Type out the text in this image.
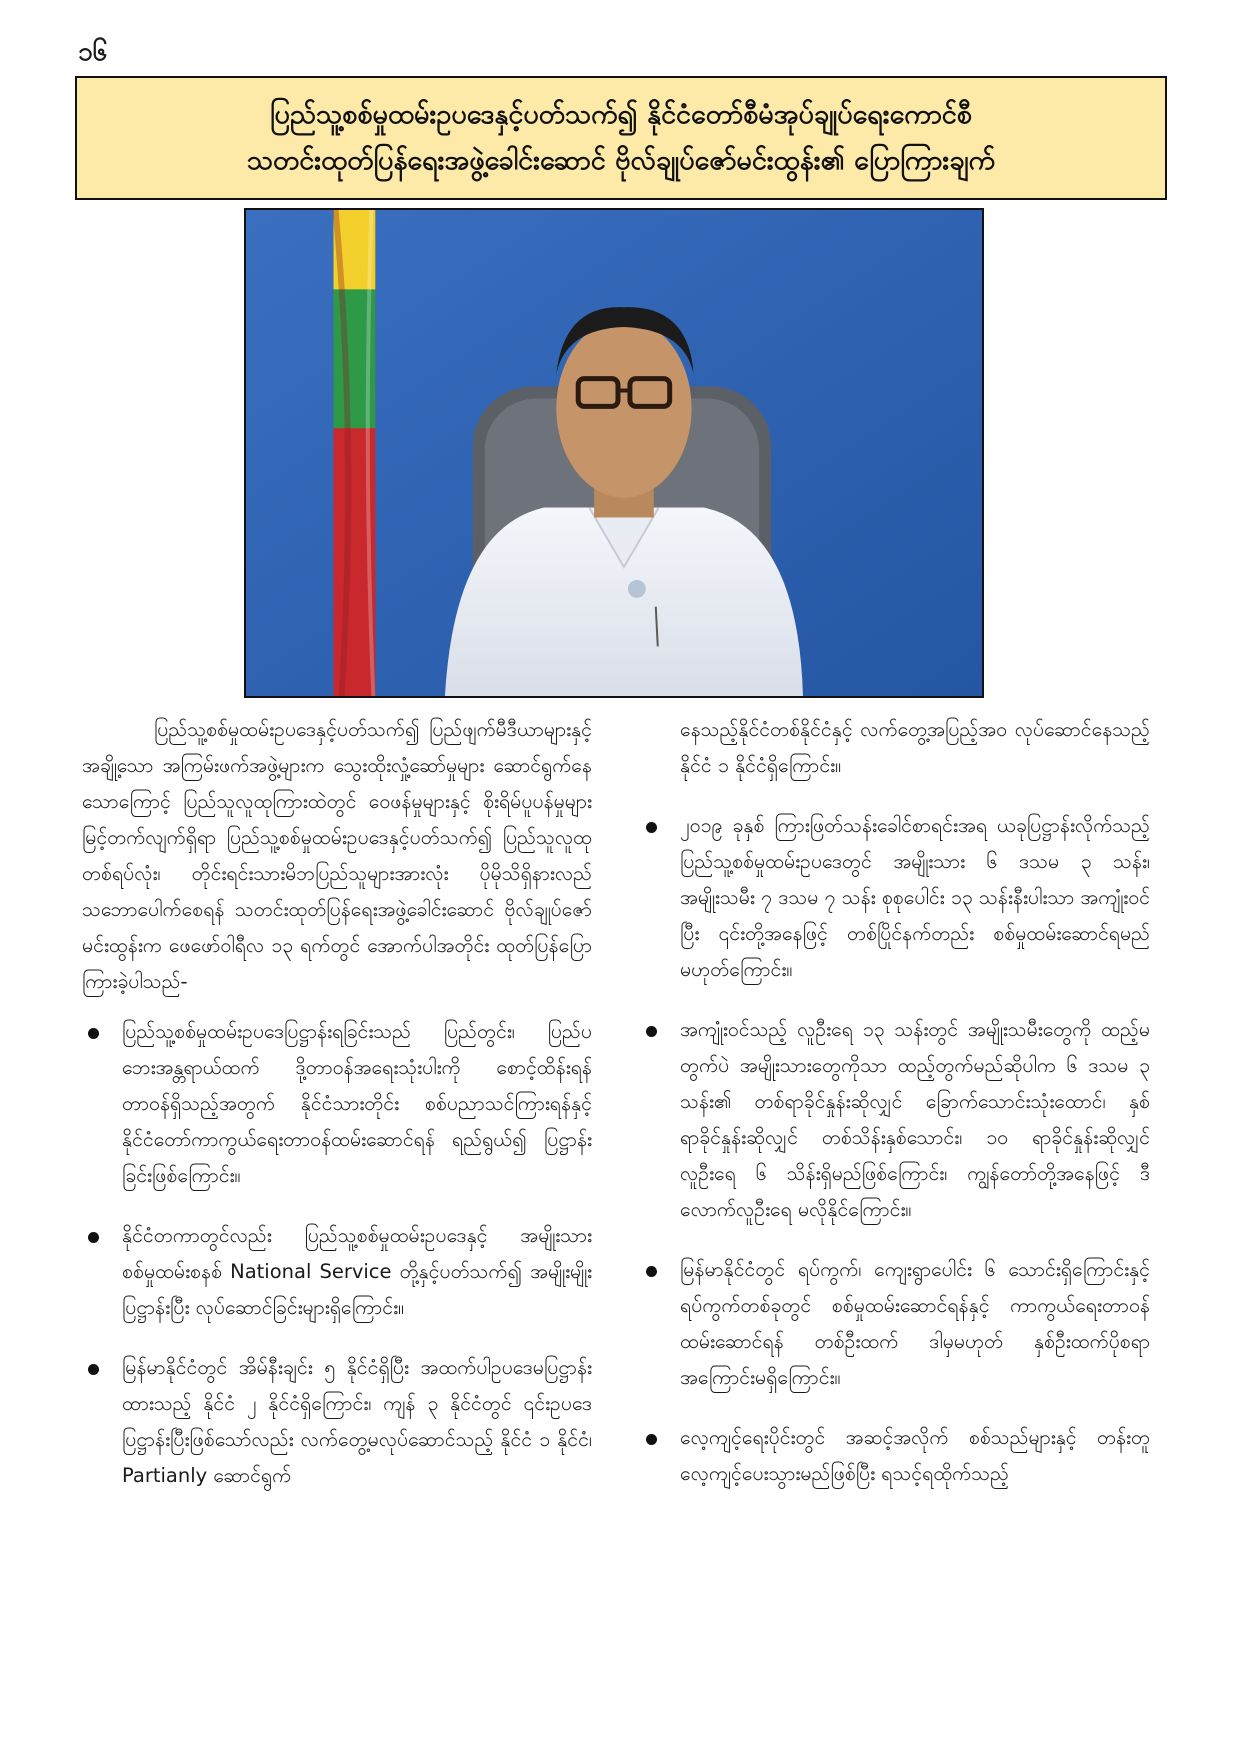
၁၆
ပြည်သူ့စစ်မှုထမ်းဥပဒေနှင့်ပတ်သက်၍ နိုင်ငံတော်စီမံအုပ်ချုပ်ရေးကောင်စီ
သတင်းထုတ်ပြန်ရေးအဖွဲ့ခေါင်းဆောင် ဗိုလ်ချုပ်ဇော်မင်းထွန်း၏ ပြောကြားချက်

ပြည်သူ့စစ်မှုထမ်းဥပဒေနှင့်ပတ်သက်၍ ပြည်ဖျက်မီဒီယာများနှင့် အချို့သော အကြမ်းဖက်အဖွဲ့များက သွေးထိုးလှုံ့ဆော်မှုများ ဆောင်ရွက်နေသောကြောင့် ပြည်သူလူထုကြားထဲတွင် ဝေဖန်မှုများနှင့် စိုးရိမ်ပူပန်မှုများ မြင့်တက်လျက်ရှိရာ ပြည်သူ့စစ်မှုထမ်းဥပဒေနှင့်ပတ်သက်၍ ပြည်သူလူထုတစ်ရပ်လုံး၊ တိုင်းရင်းသားမိဘပြည်သူများအားလုံး ပိုမိုသိရှိနားလည်သဘောပေါက်စေရန် သတင်းထုတ်ပြန်ရေးအဖွဲ့ခေါင်းဆောင် ဗိုလ်ချုပ်ဇော်မင်းထွန်းက ဖေဖော်ဝါရီလ ၁၃ ရက်တွင် အောက်ပါအတိုင်း ထုတ်ပြန်ပြောကြားခဲ့ပါသည်-

ပြည်သူ့စစ်မှုထမ်းဥပဒေပြဋ္ဌာန်းရခြင်းသည် ပြည်တွင်း၊ ပြည်ပဘေးအန္တရာယ်ထက် ဒို့တာဝန်အရေးသုံးပါးကို စောင့်ထိန်းရန် တာဝန်ရှိသည့်အတွက် နိုင်ငံသားတိုင်း စစ်ပညာသင်ကြားရန်နှင့် နိုင်ငံတော်ကာကွယ်ရေးတာဝန်ထမ်းဆောင်ရန် ရည်ရွယ်၍ ပြဋ္ဌာန်းခြင်းဖြစ်ကြောင်း။
နိုင်ငံတကာတွင်လည်း ပြည်သူ့စစ်မှုထမ်းဥပဒေနှင့် အမျိုးသားစစ်မှုထမ်းစနစ် National Service တို့နှင့်ပတ်သက်၍ အမျိုးမျိုးပြဋ္ဌာန်းပြီး လုပ်ဆောင်ခြင်းများရှိကြောင်း။
မြန်မာနိုင်ငံတွင် အိမ်နီးချင်း ၅ နိုင်ငံရှိပြီး အထက်ပါဥပဒေမပြဋ္ဌာန်းထားသည့် နိုင်ငံ ၂ နိုင်ငံရှိကြောင်း၊ ကျန် ၃ နိုင်ငံတွင် ၎င်းဥပဒေပြဋ္ဌာန်းပြီးဖြစ်သော်လည်း လက်တွေ့မလုပ်ဆောင်သည့် နိုင်ငံ ၁ နိုင်ငံ၊ Partianly ဆောင်ရွက်
နေသည့်နိုင်ငံတစ်နိုင်ငံနှင့် လက်တွေ့အပြည့်အဝ လုပ်ဆောင်နေသည့် နိုင်ငံ ၁ နိုင်ငံရှိကြောင်း။
၂၀၁၉ ခုနှစ် ကြားဖြတ်သန်းခေါင်စာရင်းအရ ယခုပြဋ္ဌာန်းလိုက်သည့် ပြည်သူ့စစ်မှုထမ်းဥပဒေတွင် အမျိုးသား ၆ ဒသမ ၃ သန်း၊ အမျိုးသမီး ၇ ဒသမ ၇ သန်း စုစုပေါင်း ၁၃ သန်းနီးပါးသာ အကျုံးဝင်ပြီး ၎င်းတို့အနေဖြင့် တစ်ပြိုင်နက်တည်း စစ်မှုထမ်းဆောင်ရမည် မဟုတ်ကြောင်း။
အကျုံးဝင်သည့် လူဦးရေ ၁၃ သန်းတွင် အမျိုးသမီးတွေကို ထည့်မတွက်ပဲ အမျိုးသားတွေကိုသာ ထည့်တွက်မည်ဆိုပါက ၆ ဒသမ ၃ သန်း၏ တစ်ရာခိုင်နှုန်းဆိုလျှင် ခြောက်သောင်းသုံးထောင်၊ နှစ်ရာခိုင်နှုန်းဆိုလျှင် တစ်သိန်းနှစ်သောင်း၊ ၁၀ ရာခိုင်နှုန်းဆိုလျှင် လူဦးရေ ၆ သိန်းရှိမည်ဖြစ်ကြောင်း၊ ကျွန်တော်တို့အနေဖြင့် ဒီလောက်လူဦးရေ မလိုနိုင်ကြောင်း။
မြန်မာနိုင်ငံတွင် ရပ်ကွက်၊ ကျေးရွာပေါင်း ၆ သောင်းရှိကြောင်းနှင့် ရပ်ကွက်တစ်ခုတွင် စစ်မှုထမ်းဆောင်ရန်နှင့် ကာကွယ်ရေးတာဝန်ထမ်းဆောင်ရန် တစ်ဦးထက် ဒါမှမဟုတ် နှစ်ဦးထက်ပိုစရာအကြောင်းမရှိကြောင်း။
လေ့ကျင့်ရေးပိုင်းတွင် အဆင့်အလိုက် စစ်သည်များနှင့် တန်းတူလေ့ကျင့်ပေးသွားမည်ဖြစ်ပြီး ရသင့်ရထိုက်သည့်
